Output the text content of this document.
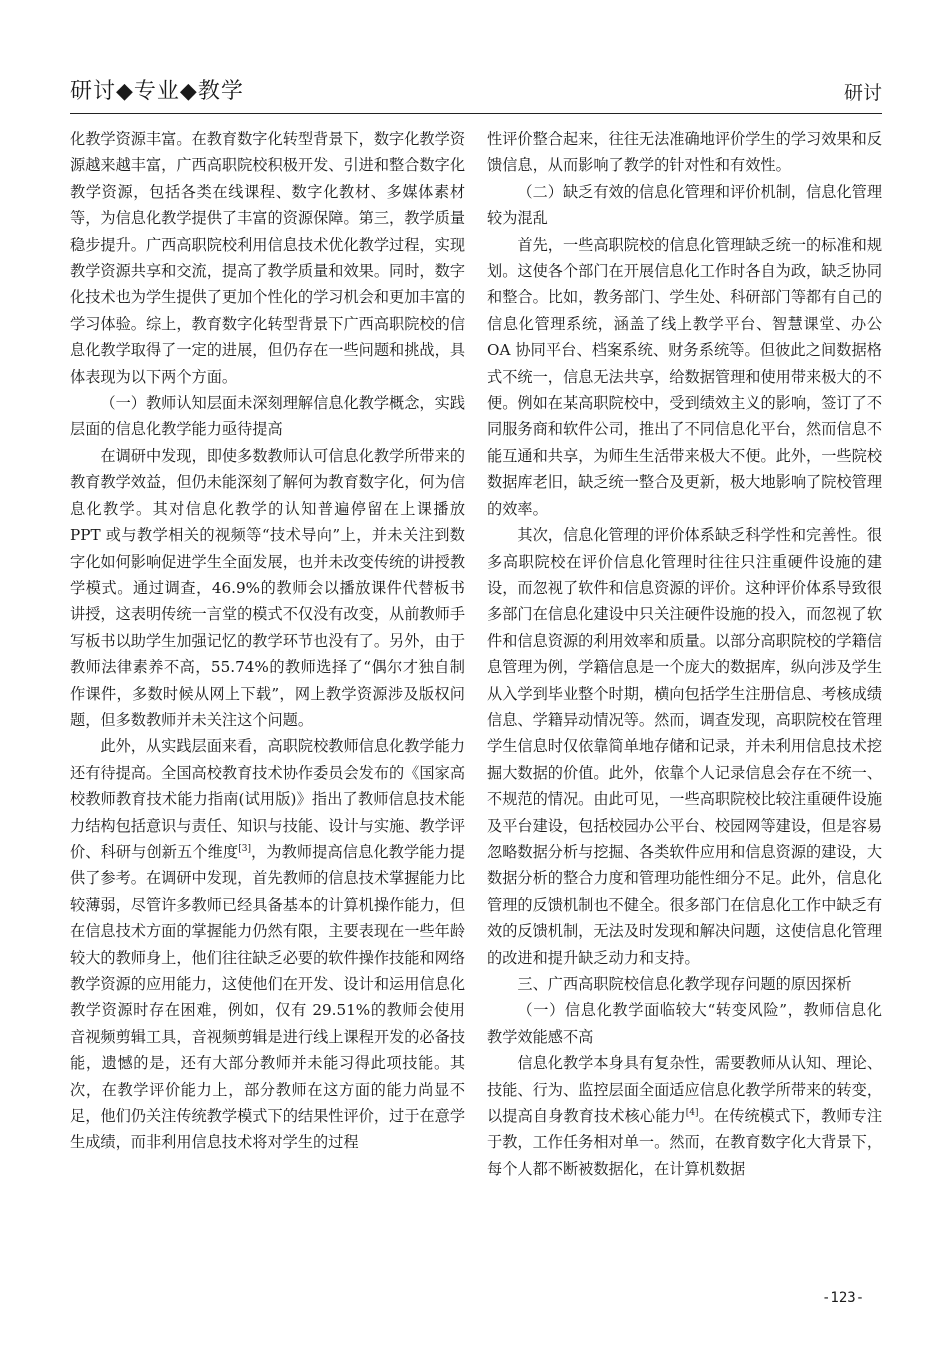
研讨◆专业◆教学	研讨

化教学资源丰富。在教育数字化转型背景下，数字化教学资源越来越丰富，广西高职院校积极开发、引进和整合数字化教学资源，包括各类在线课程、数字化教材、多媒体素材等，为信息化教学提供了丰富的资源保障。第三，教学质量稳步提升。广西高职院校利用信息技术优化教学过程，实现教学资源共享和交流，提高了教学质量和效果。同时，数字化技术也为学生提供了更加个性化的学习机会和更加丰富的学习体验。综上，教育数字化转型背景下广西高职院校的信息化教学取得了一定的进展，但仍存在一些问题和挑战，具体表现为以下两个方面。

（一）教师认知层面未深刻理解信息化教学概念，实践层面的信息化教学能力亟待提高

在调研中发现，即使多数教师认可信息化教学所带来的教育教学效益，但仍未能深刻了解何为教育数字化，何为信息化教学。其对信息化教学的认知普遍停留在上课播放 PPT 或与教学相关的视频等“技术导向”上，并未关注到数字化如何影响促进学生全面发展，也并未改变传统的讲授教学模式。通过调查，46.9%的教师会以播放课件代替板书讲授，这表明传统一言堂的模式不仅没有改变，从前教师手写板书以助学生加强记忆的教学环节也没有了。另外，由于教师法律素养不高，55.74%的教师选择了“偶尔才独自制作课件，多数时候从网上下载”，网上教学资源涉及版权问题，但多数教师并未关注这个问题。

此外，从实践层面来看，高职院校教师信息化教学能力还有待提高。全国高校教育技术协作委员会发布的《国家高校教师教育技术能力指南(试用版)》指出了教师信息技术能力结构包括意识与责任、知识与技能、设计与实施、教学评价、科研与创新五个维度[3]，为教师提高信息化教学能力提供了参考。在调研中发现，首先教师的信息技术掌握能力比较薄弱，尽管许多教师已经具备基本的计算机操作能力，但在信息技术方面的掌握能力仍然有限，主要表现在一些年龄较大的教师身上，他们往往缺乏必要的软件操作技能和网络教学资源的应用能力，这使他们在开发、设计和运用信息化教学资源时存在困难，例如，仅有 29.51%的教师会使用音视频剪辑工具，音视频剪辑是进行线上课程开发的必备技能，遗憾的是，还有大部分教师并未能习得此项技能。其次，在教学评价能力上，部分教师在这方面的能力尚显不足，他们仍关注传统教学模式下的结果性评价，过于在意学生成绩，而非利用信息技术将对学生的过程

性评价整合起来，往往无法准确地评价学生的学习效果和反馈信息，从而影响了教学的针对性和有效性。

（二）缺乏有效的信息化管理和评价机制，信息化管理较为混乱

首先，一些高职院校的信息化管理缺乏统一的标准和规划。这使各个部门在开展信息化工作时各自为政，缺乏协同和整合。比如，教务部门、学生处、科研部门等都有自己的信息化管理系统，涵盖了线上教学平台、智慧课堂、办公 OA 协同平台、档案系统、财务系统等。但彼此之间数据格式不统一，信息无法共享，给数据管理和使用带来极大的不便。例如在某高职院校中，受到绩效主义的影响，签订了不同服务商和软件公司，推出了不同信息化平台，然而信息不能互通和共享，为师生生活带来极大不便。此外，一些院校数据库老旧，缺乏统一整合及更新，极大地影响了院校管理的效率。

其次，信息化管理的评价体系缺乏科学性和完善性。很多高职院校在评价信息化管理时往往只注重硬件设施的建设，而忽视了软件和信息资源的评价。这种评价体系导致很多部门在信息化建设中只关注硬件设施的投入，而忽视了软件和信息资源的利用效率和质量。以部分高职院校的学籍信息管理为例，学籍信息是一个庞大的数据库，纵向涉及学生从入学到毕业整个时期，横向包括学生注册信息、考核成绩信息、学籍异动情况等。然而，调查发现，高职院校在管理学生信息时仅依靠简单地存储和记录，并未利用信息技术挖掘大数据的价值。此外，依靠个人记录信息会存在不统一、不规范的情况。由此可见，一些高职院校比较注重硬件设施及平台建设，包括校园办公平台、校园网等建设，但是容易忽略数据分析与挖掘、各类软件应用和信息资源的建设，大数据分析的整合力度和管理功能性细分不足。此外，信息化管理的反馈机制也不健全。很多部门在信息化工作中缺乏有效的反馈机制，无法及时发现和解决问题，这使信息化管理的改进和提升缺乏动力和支持。

三、广西高职院校信息化教学现存问题的原因探析

（一）信息化教学面临较大“转变风险”，教师信息化教学效能感不高

信息化教学本身具有复杂性，需要教师从认知、理论、技能、行为、监控层面全面适应信息化教学所带来的转变，以提高自身教育技术核心能力[4]。在传统模式下，教师专注于教，工作任务相对单一。然而，在教育数字化大背景下，每个人都不断被数据化，在计算机数据

-123-
